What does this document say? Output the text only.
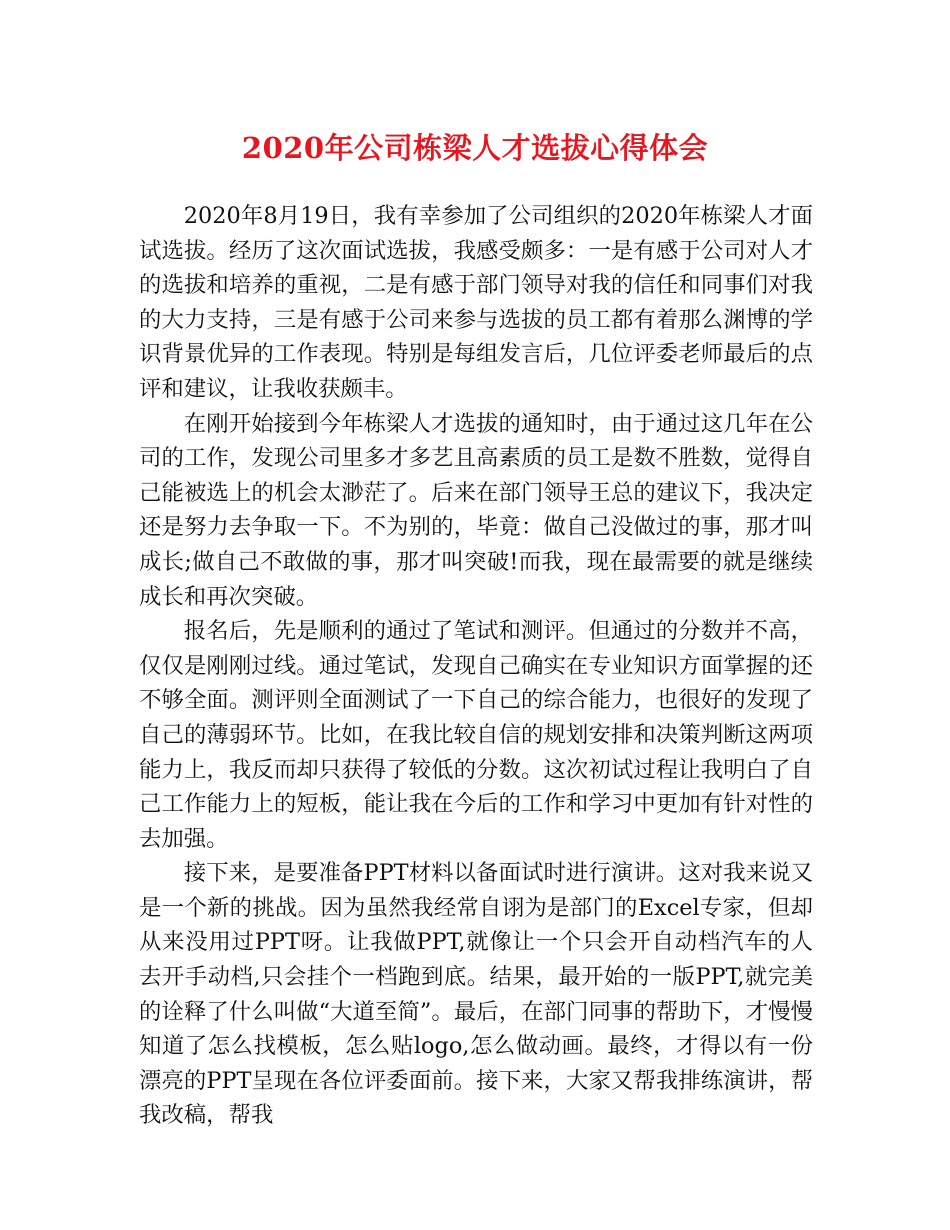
2020年公司栋梁人才选拔心得体会

2020年8月19日，我有幸参加了公司组织的2020年栋梁人才面试选拔。经历了这次面试选拔，我感受颇多：一是有感于公司对人才的选拔和培养的重视，二是有感于部门领导对我的信任和同事们对我的大力支持，三是有感于公司来参与选拔的员工都有着那么渊博的学识背景优异的工作表现。特别是每组发言后，几位评委老师最后的点评和建议，让我收获颇丰。

在刚开始接到今年栋梁人才选拔的通知时，由于通过这几年在公司的工作，发现公司里多才多艺且高素质的员工是数不胜数，觉得自己能被选上的机会太渺茫了。后来在部门领导王总的建议下，我决定还是努力去争取一下。不为别的，毕竟：做自己没做过的事，那才叫成长;做自己不敢做的事，那才叫突破!而我，现在最需要的就是继续成长和再次突破。

报名后，先是顺利的通过了笔试和测评。但通过的分数并不高，仅仅是刚刚过线。通过笔试，发现自己确实在专业知识方面掌握的还不够全面。测评则全面测试了一下自己的综合能力，也很好的发现了自己的薄弱环节。比如，在我比较自信的规划安排和决策判断这两项能力上，我反而却只获得了较低的分数。这次初试过程让我明白了自己工作能力上的短板，能让我在今后的工作和学习中更加有针对性的去加强。

接下来，是要准备PPT材料以备面试时进行演讲。这对我来说又是一个新的挑战。因为虽然我经常自诩为是部门的Excel专家，但却从来没用过PPT呀。让我做PPT,就像让一个只会开自动档汽车的人去开手动档,只会挂个一档跑到底。结果，最开始的一版PPT,就完美的诠释了什么叫做“大道至简”。最后，在部门同事的帮助下，才慢慢知道了怎么找模板，怎么贴logo,怎么做动画。最终，才得以有一份漂亮的PPT呈现在各位评委面前。接下来，大家又帮我排练演讲，帮我改稿，帮我
